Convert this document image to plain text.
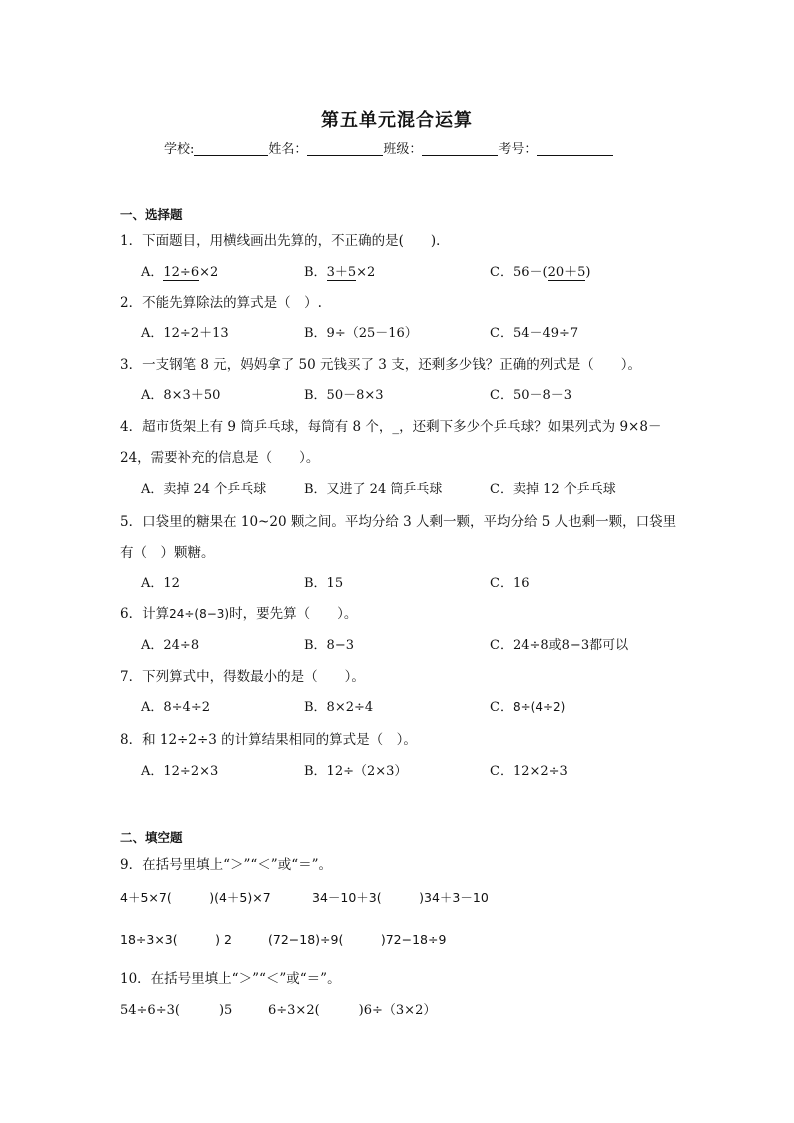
第五单元混合运算
学校:	姓名：	班级：	考号：
一、选择题
1．下面题目，用横线画出先算的，不正确的是(　　)．
A．12÷6×2	B．3＋5×2	C．56－(20＋5)
2．不能先算除法的算式是（　）.
A．12÷2＋13	B．9÷（25－16）	C．54－49÷7
3．一支钢笔 8 元，妈妈拿了 50 元钱买了 3 支，还剩多少钱？正确的列式是（　　）。
A．8×3＋50	B．50－8×3	C．50－8－3
4．超市货架上有 9 筒乒乓球，每筒有 8 个，_，还剩下多少个乒乓球？如果列式为 9×8－
24，需要补充的信息是（　　）。
A．卖掉 24 个乒乓球	B．又进了 24 筒乒乓球	C．卖掉 12 个乒乓球
5．口袋里的糖果在 10~20 颗之间。平均分给 3 人剩一颗，平均分给 5 人也剩一颗，口袋里
有（　）颗糖。
A．12	B．15	C．16
6．计算24÷(8−3)时，要先算（　　）。
A．24÷8	B．8−3	C．24÷8或8−3都可以
7．下列算式中，得数最小的是（　　）。
A．8÷4÷2	B．8×2÷4	C．8÷(4÷2)
8．和 12÷2÷3 的计算结果相同的算式是（　）。
A．12÷2×3	B．12÷（2×3）	C．12×2÷3
二、填空题
9．在括号里填上“＞”“＜”或“＝”。
4＋5×7(　　　)(4＋5)×7	34－10＋3(　　　)34＋3－10
18÷3×3(　　　) 2	(72−18)÷9(　　　)72−18÷9
10．在括号里填上“＞”“＜”或“＝”。
54÷6÷3(　　　)5	6÷3×2(　　　)6÷（3×2）
